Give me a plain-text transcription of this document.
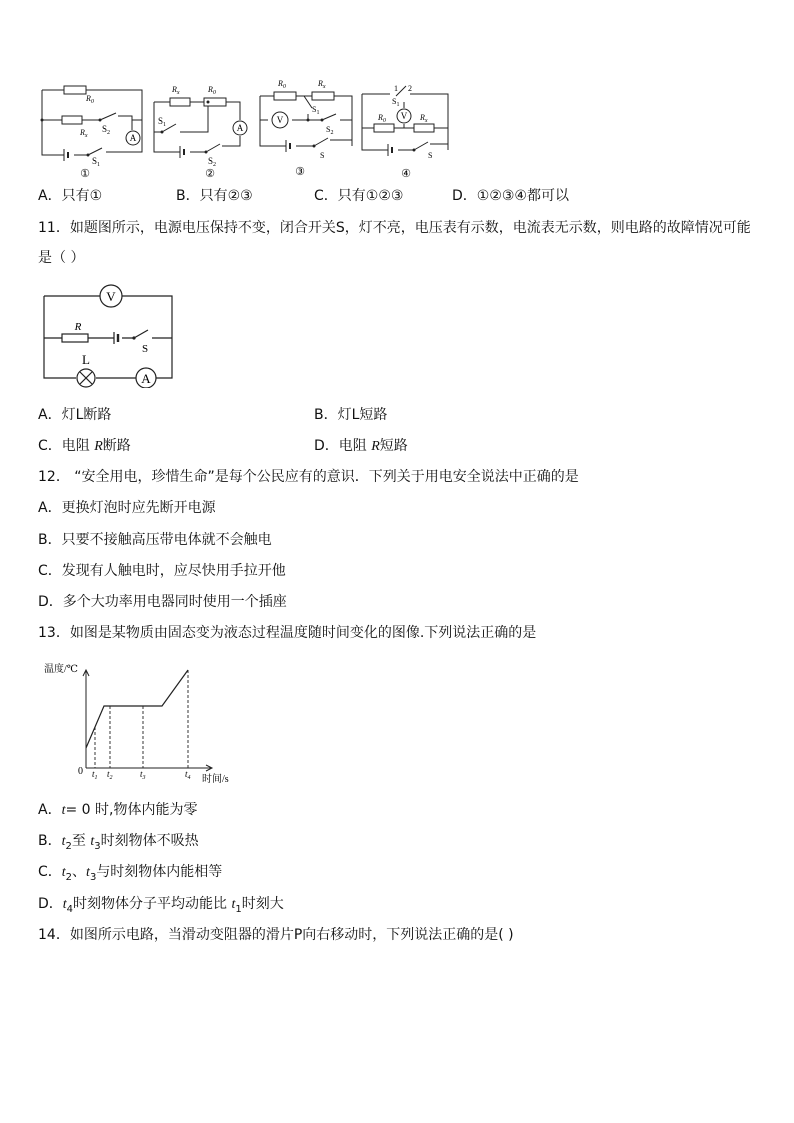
A
$R_0$
$R_x$
$S_2$
$S_1$
①
A
$R_x$	$R_0$
$S_1$
$S_2$
②
V
$R_0$	$R_x$
$S_1$
$S_2$
S
③
V
1 2
$S_1$
$R_0$	$R_x$
S
④
A．只有①	B．只有②③	C．只有①②③	D．①②③④都可以
11．如题图所示，电源电压保持不变，闭合开关S，灯不亮，电压表有示数，电流表无示数，则电路的故障情况可能
是（ ）
V
R
S
L
A
A．灯L断路	B．灯L短路
C．电阻 R断路	D．电阻 R短路
12． “安全用电，珍惜生命”是每个公民应有的意识．下列关于用电安全说法中正确的是
A．更换灯泡时应先断开电源
B．只要不接触高压带电体就不会触电
C．发现有人触电时，应尽快用手拉开他
D．多个大功率用电器同时使用一个插座
13．如图是某物质由固态变为液态过程温度随时间变化的图像.下列说法正确的是
温度/℃
0 $t_1$ $t_2$	$t_3$	$t_4$ 时间/s
A．t= 0 时,物体内能为零
B．$t_2$至 $t_3$时刻物体不吸热
C．$t_2$、$t_3$与时刻物体内能相等
D．$t_4$时刻物体分子平均动能比 $t_1$时刻大
14．如图所示电路，当滑动变阻器的滑片P向右移动时，下列说法正确的是( )
